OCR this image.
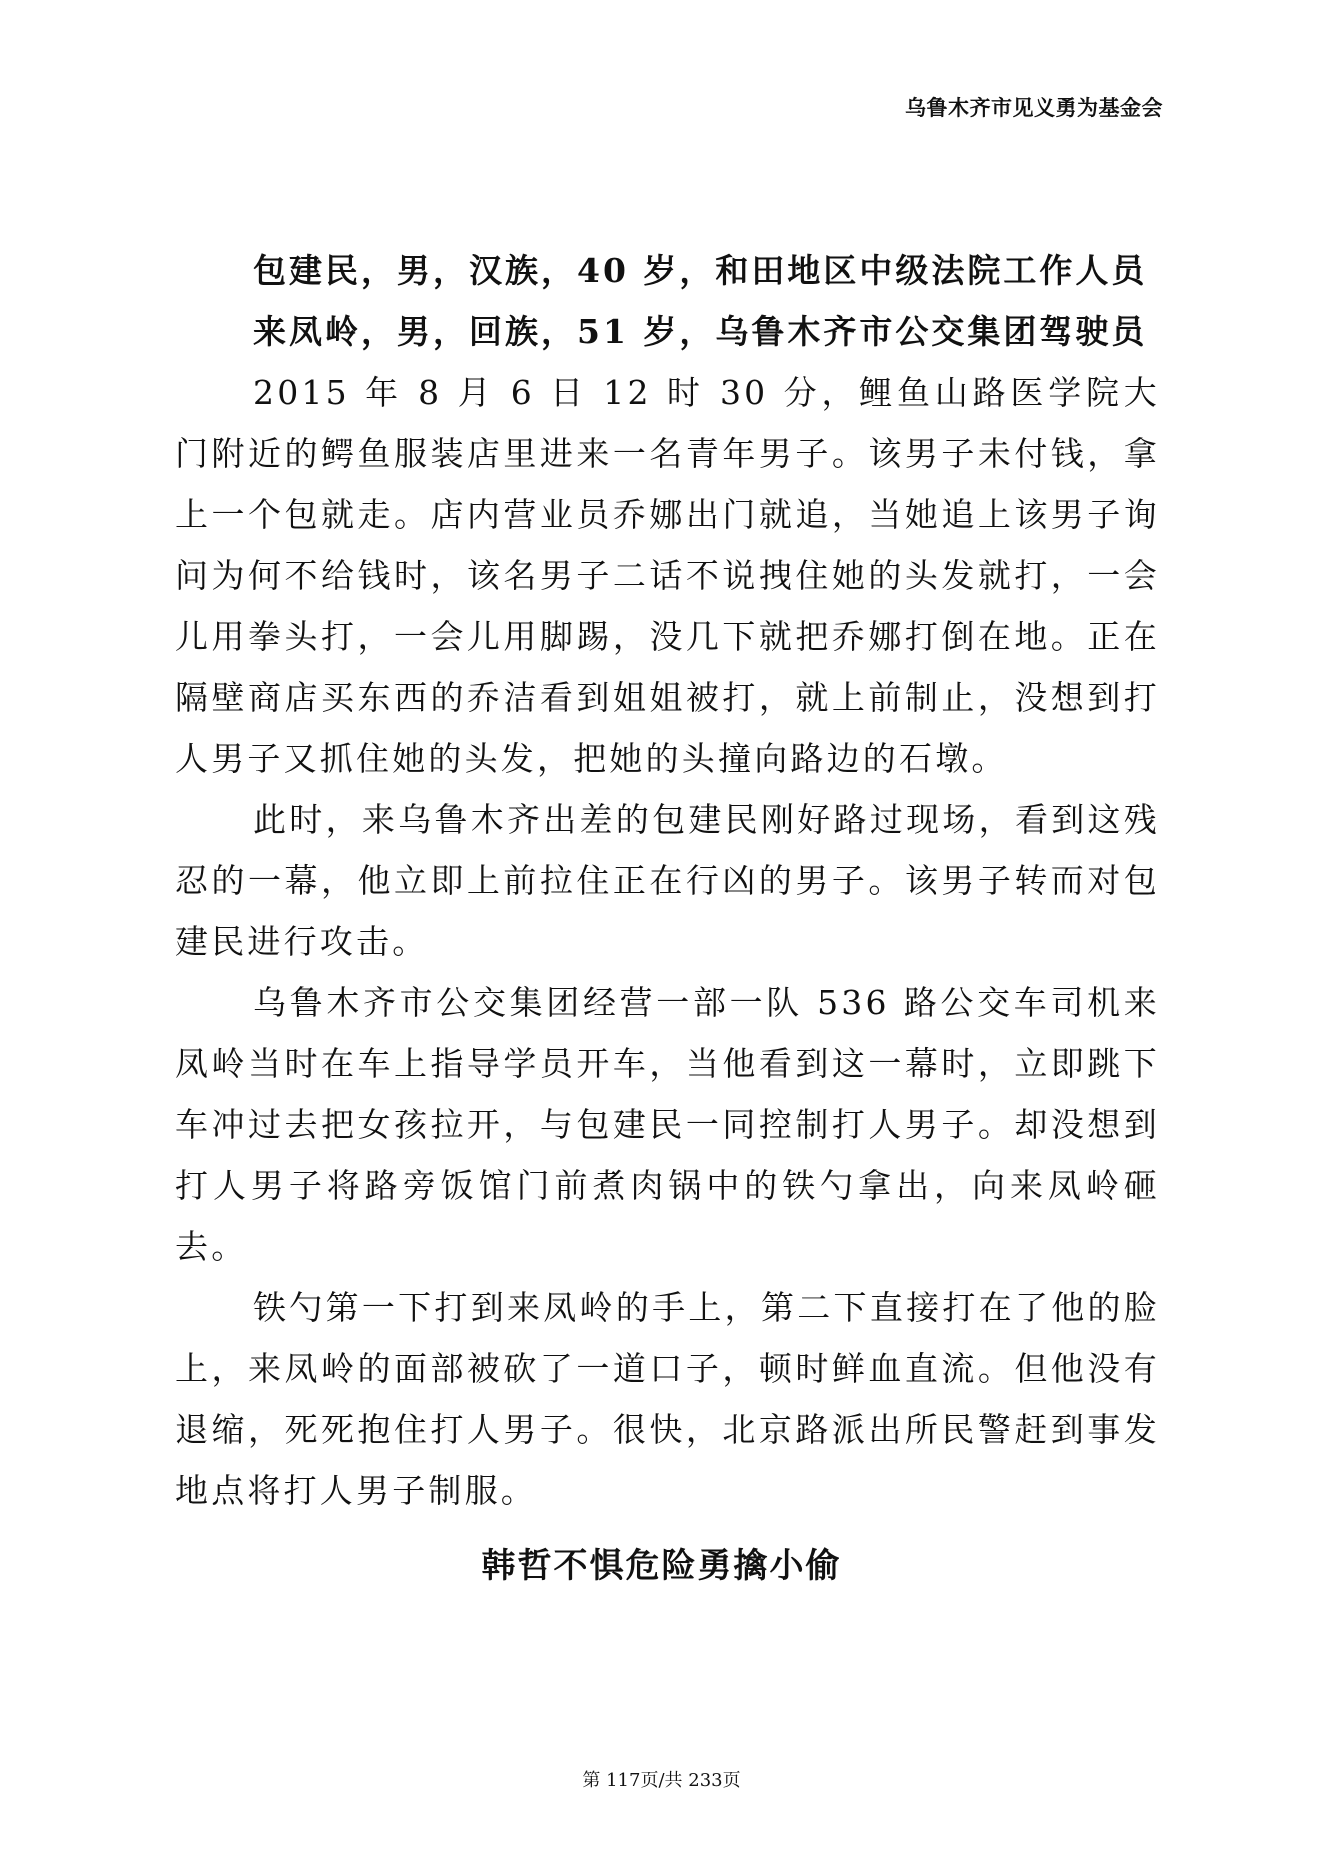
乌鲁木齐市见义勇为基金会

包建民，男，汉族，40 岁，和田地区中级法院工作人员

来凤岭，男，回族，51 岁，乌鲁木齐市公交集团驾驶员

2015 年 8 月 6 日 12 时 30 分，鲤鱼山路医学院大门附近的鳄鱼服装店里进来一名青年男子。该男子未付钱，拿上一个包就走。店内营业员乔娜出门就追，当她追上该男子询问为何不给钱时，该名男子二话不说拽住她的头发就打，一会儿用拳头打，一会儿用脚踢，没几下就把乔娜打倒在地。正在隔壁商店买东西的乔洁看到姐姐被打，就上前制止，没想到打人男子又抓住她的头发，把她的头撞向路边的石墩。

此时，来乌鲁木齐出差的包建民刚好路过现场，看到这残忍的一幕，他立即上前拉住正在行凶的男子。该男子转而对包建民进行攻击。

乌鲁木齐市公交集团经营一部一队 536 路公交车司机来凤岭当时在车上指导学员开车，当他看到这一幕时，立即跳下车冲过去把女孩拉开，与包建民一同控制打人男子。却没想到打人男子将路旁饭馆门前煮肉锅中的铁勺拿出，向来凤岭砸去。

铁勺第一下打到来凤岭的手上，第二下直接打在了他的脸上，来凤岭的面部被砍了一道口子，顿时鲜血直流。但他没有退缩，死死抱住打人男子。很快，北京路派出所民警赶到事发地点将打人男子制服。

韩哲不惧危险勇擒小偷
第 117页/共 233页
